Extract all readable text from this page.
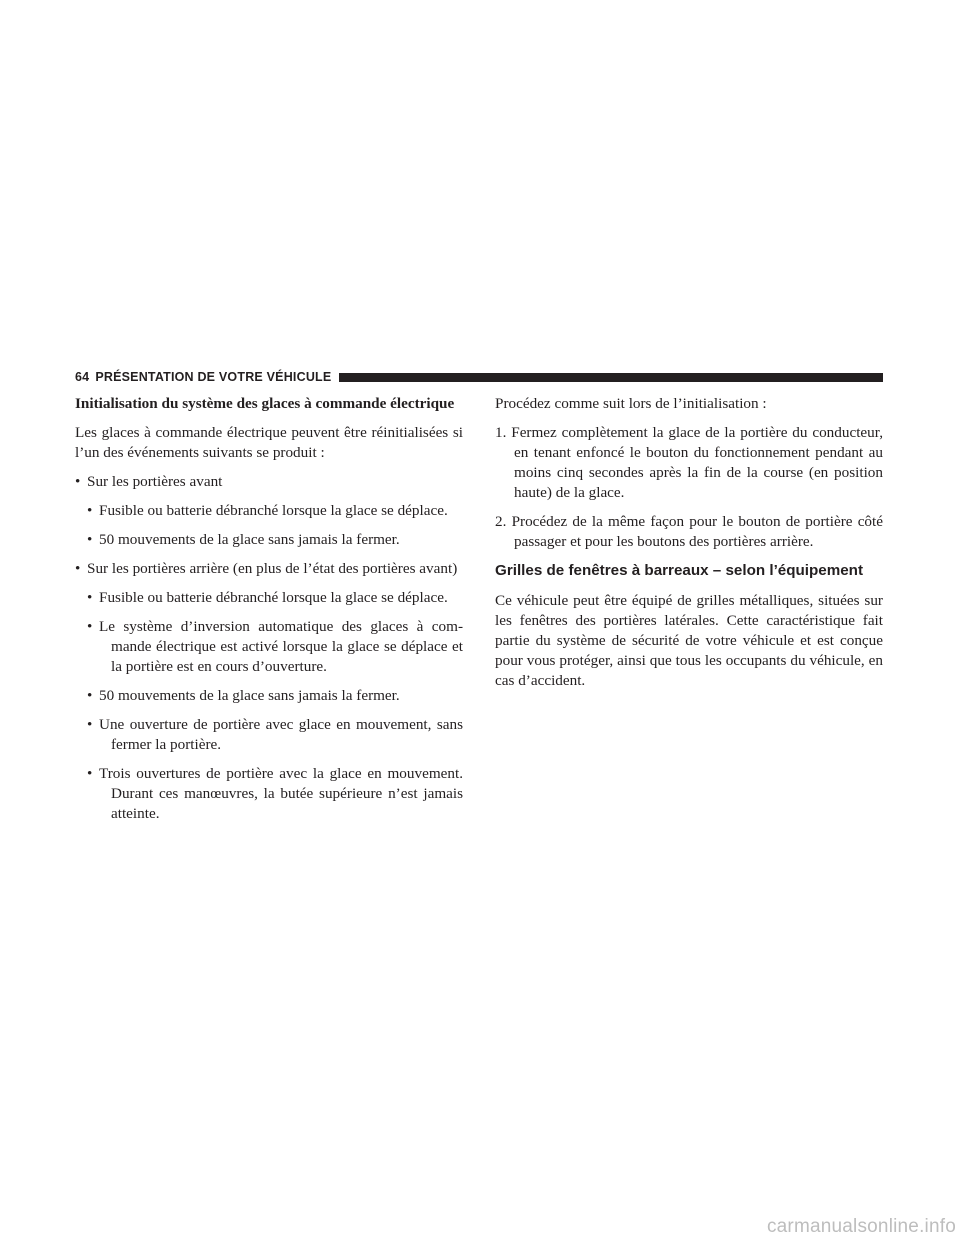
64 PRÉSENTATION DE VOTRE VÉHICULE
Initialisation du système des glaces à commande électrique

Les glaces à commande électrique peuvent être réinitialisées si l’un des événements suivants se produit :

• Sur les portières avant
• Fusible ou batterie débranché lorsque la glace se déplace.
• 50 mouvements de la glace sans jamais la fermer.
• Sur les portières arrière (en plus de l’état des portières avant)
• Fusible ou batterie débranché lorsque la glace se déplace.
• Le système d’inversion automatique des glaces à commande électrique est activé lorsque la glace se déplace et la portière est en cours d’ouverture.
• 50 mouvements de la glace sans jamais la fermer.
• Une ouverture de portière avec glace en mouvement, sans fermer la portière.
• Trois ouvertures de portière avec la glace en mouvement. Durant ces manœuvres, la butée supérieure n’est jamais atteinte.

Procédez comme suit lors de l’initialisation :

1. Fermez complètement la glace de la portière du conducteur, en tenant enfoncé le bouton du fonctionnement pendant au moins cinq secondes après la fin de la course (en position haute) de la glace.
2. Procédez de la même façon pour le bouton de portière côté passager et pour les boutons des portières arrière.
Grilles de fenêtres à barreaux – selon l’équipement

Ce véhicule peut être équipé de grilles métalliques, situées sur les fenêtres des portières latérales. Cette caractéristique fait partie du système de sécurité de votre véhicule et est conçue pour vous protéger, ainsi que tous les occupants du véhicule, en cas d’accident.

carmanualsonline.info
